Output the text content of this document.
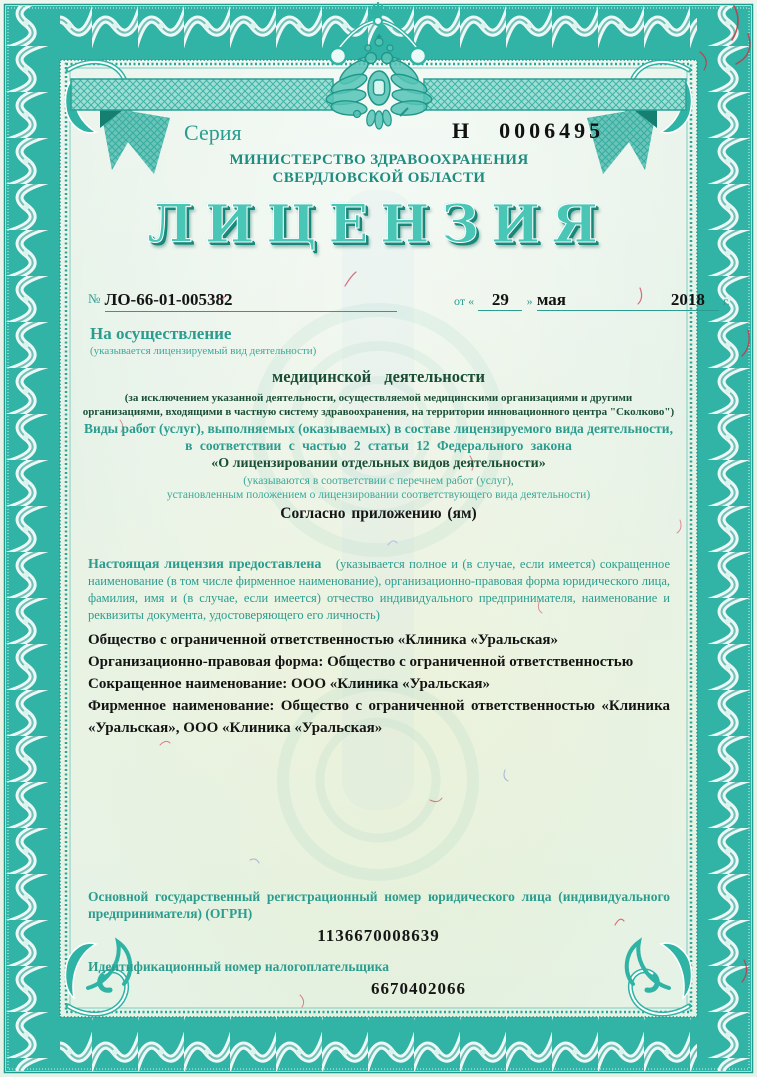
Серия	Н 0006495
МИНИСТЕРСТВО ЗДРАВООХРАНЕНИЯ
СВЕРДЛОВСКОЙ ОБЛАСТИ
ЛИЦЕНЗИЯ
№ ЛО-66-01-005382	от « 29 » мая	2018	г.
На осуществление
(указывается лицензируемый вид деятельности)
медицинской деятельности
(за исключением указанной деятельности, осуществляемой медицинскими организациями и другими
организациями, входящими в частную систему здравоохранения, на территории инновационного центра "Сколково")
Виды работ (услуг), выполняемых (оказываемых) в составе лицензируемого вида деятельности,
в соответствии с частью 2 статьи 12 Федерального закона
«О лицензировании отдельных видов деятельности»
(указываются в соответствии с перечнем работ (услуг),
установленным положением о лицензировании соответствующего вида деятельности)
Согласно приложению (ям)
Настоящая лицензия предоставлена (указывается полное и (в случае, если имеется) сокращенное наименование (в том числе фирменное наименование), организационно-правовая форма юридического лица, фамилия, имя и (в случае, если имеется) отчество индивидуального предпринимателя, наименование и реквизиты документа, удостоверяющего его личность)
Общество с ограниченной ответственностью «Клиника «Уральская»
Организационно-правовая форма: Общество с ограниченной ответственностью
Сокращенное наименование: ООО «Клиника «Уральская»
Фирменное наименование: Общество с ограниченной ответственностью «Клиника «Уральская», ООО «Клиника «Уральская»
Основной государственный регистрационный номер юридического лица (индивидуального предпринимателя) (ОГРН)
1136670008639
Идентификационный номер налогоплательщика
6670402066
